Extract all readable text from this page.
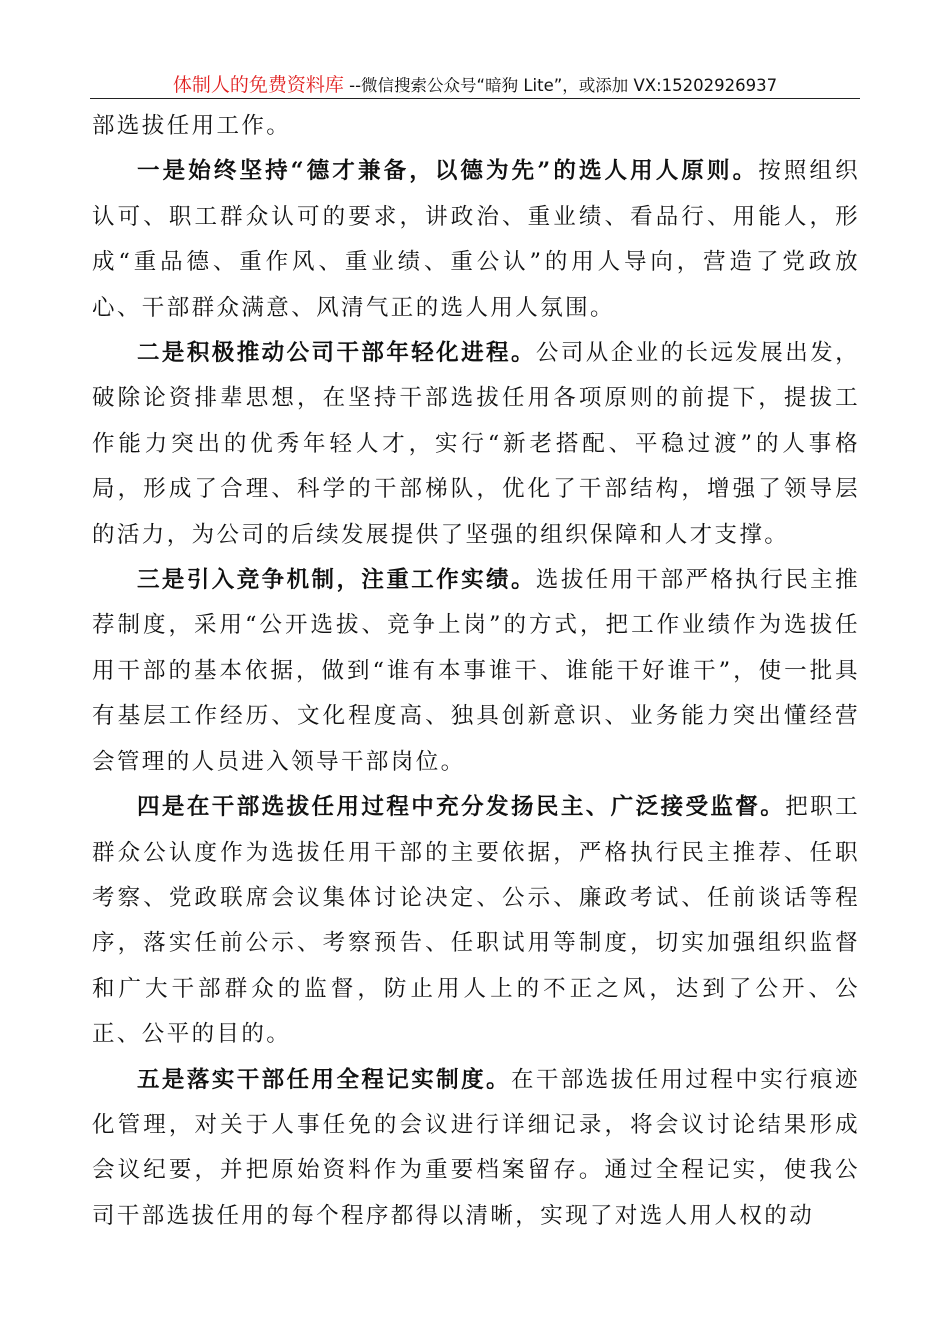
体制人的免费资料库 --微信搜索公众号“暗狗 Lite”，或添加 VX:15202926937

部选拔任用工作。

一是始终坚持“德才兼备，以德为先”的选人用人原则。按照组织认可、职工群众认可的要求，讲政治、重业绩、看品行、用能人，形成“重品德、重作风、重业绩、重公认”的用人导向，营造了党政放心、干部群众满意、风清气正的选人用人氛围。

二是积极推动公司干部年轻化进程。公司从企业的长远发展出发，破除论资排辈思想，在坚持干部选拔任用各项原则的前提下，提拔工作能力突出的优秀年轻人才，实行“新老搭配、平稳过渡”的人事格局，形成了合理、科学的干部梯队，优化了干部结构，增强了领导层的活力，为公司的后续发展提供了坚强的组织保障和人才支撑。

三是引入竞争机制，注重工作实绩。选拔任用干部严格执行民主推荐制度，采用“公开选拔、竞争上岗”的方式，把工作业绩作为选拔任用干部的基本依据，做到“谁有本事谁干、谁能干好谁干”，使一批具有基层工作经历、文化程度高、独具创新意识、业务能力突出懂经营会管理的人员进入领导干部岗位。

四是在干部选拔任用过程中充分发扬民主、广泛接受监督。把职工群众公认度作为选拔任用干部的主要依据，严格执行民主推荐、任职考察、党政联席会议集体讨论决定、公示、廉政考试、任前谈话等程序，落实任前公示、考察预告、任职试用等制度，切实加强组织监督和广大干部群众的监督，防止用人上的不正之风，达到了公开、公正、公平的目的。

五是落实干部任用全程记实制度。在干部选拔任用过程中实行痕迹化管理，对关于人事任免的会议进行详细记录，将会议讨论结果形成会议纪要，并把原始资料作为重要档案留存。通过全程记实，使我公司干部选拔任用的每个程序都得以清晰，实现了对选人用人权的动
